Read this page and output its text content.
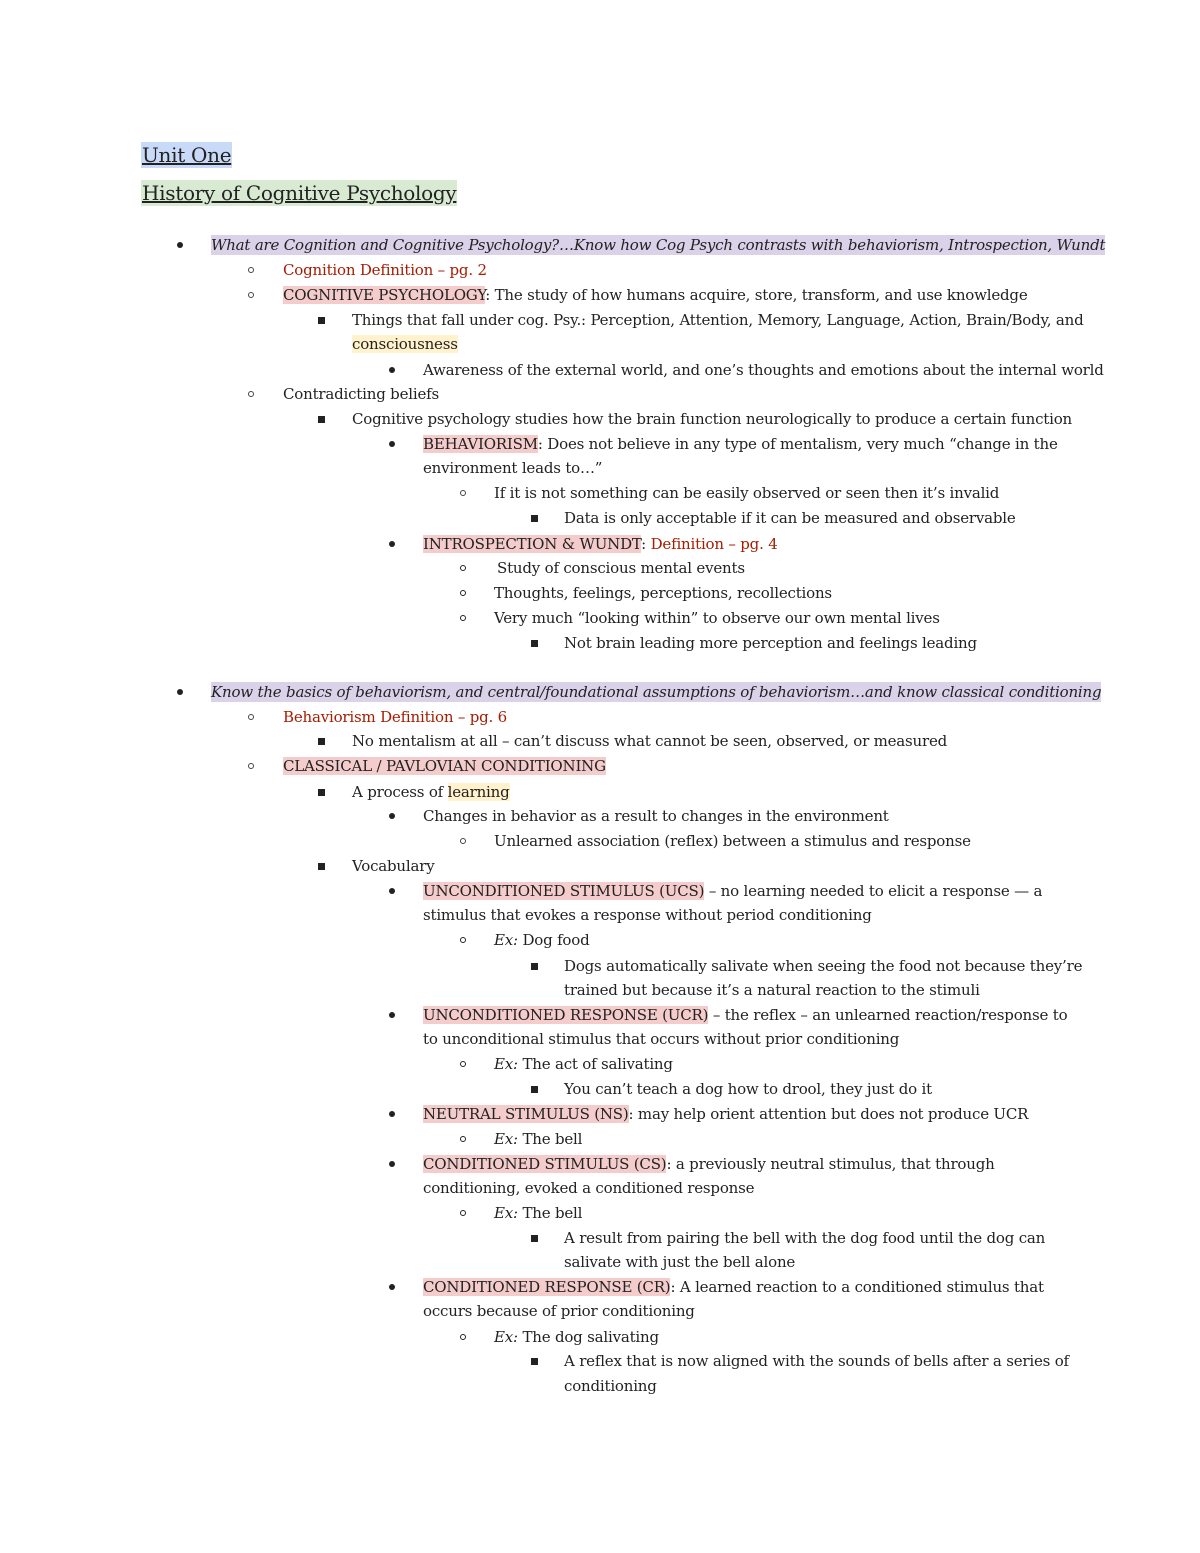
Unit One
History of Cognitive Psychology
What are Cognition and Cognitive Psychology?…Know how Cog Psych contrasts with behaviorism, Introspection, Wundt
Cognition Definition – pg. 2
COGNITIVE PSYCHOLOGY: The study of how humans acquire, store, transform, and use knowledge
Things that fall under cog. Psy.: Perception, Attention, Memory, Language, Action, Brain/Body, and
consciousness
Awareness of the external world, and one’s thoughts and emotions about the internal world
Contradicting beliefs
Cognitive psychology studies how the brain function neurologically to produce a certain function
BEHAVIORISM: Does not believe in any type of mentalism, very much “change in the
environment leads to…”
If it is not something can be easily observed or seen then it’s invalid
Data is only acceptable if it can be measured and observable
INTROSPECTION & WUNDT: Definition – pg. 4
Study of conscious mental events
Thoughts, feelings, perceptions, recollections
Very much “looking within” to observe our own mental lives
Not brain leading more perception and feelings leading
Know the basics of behaviorism, and central/foundational assumptions of behaviorism…and know classical conditioning
Behaviorism Definition – pg. 6
No mentalism at all – can’t discuss what cannot be seen, observed, or measured
CLASSICAL / PAVLOVIAN CONDITIONING
A process of learning
Changes in behavior as a result to changes in the environment
Unlearned association (reflex) between a stimulus and response
Vocabulary
UNCONDITIONED STIMULUS (UCS) – no learning needed to elicit a response — a
stimulus that evokes a response without period conditioning
Ex: Dog food
Dogs automatically salivate when seeing the food not because they’re
trained but because it’s a natural reaction to the stimuli
UNCONDITIONED RESPONSE (UCR) – the reflex – an unlearned reaction/response to
to unconditional stimulus that occurs without prior conditioning
Ex: The act of salivating
You can’t teach a dog how to drool, they just do it
NEUTRAL STIMULUS (NS): may help orient attention but does not produce UCR
Ex: The bell
CONDITIONED STIMULUS (CS): a previously neutral stimulus, that through
conditioning, evoked a conditioned response
Ex: The bell
A result from pairing the bell with the dog food until the dog can
salivate with just the bell alone
CONDITIONED RESPONSE (CR): A learned reaction to a conditioned stimulus that
occurs because of prior conditioning
Ex: The dog salivating
A reflex that is now aligned with the sounds of bells after a series of
conditioning
